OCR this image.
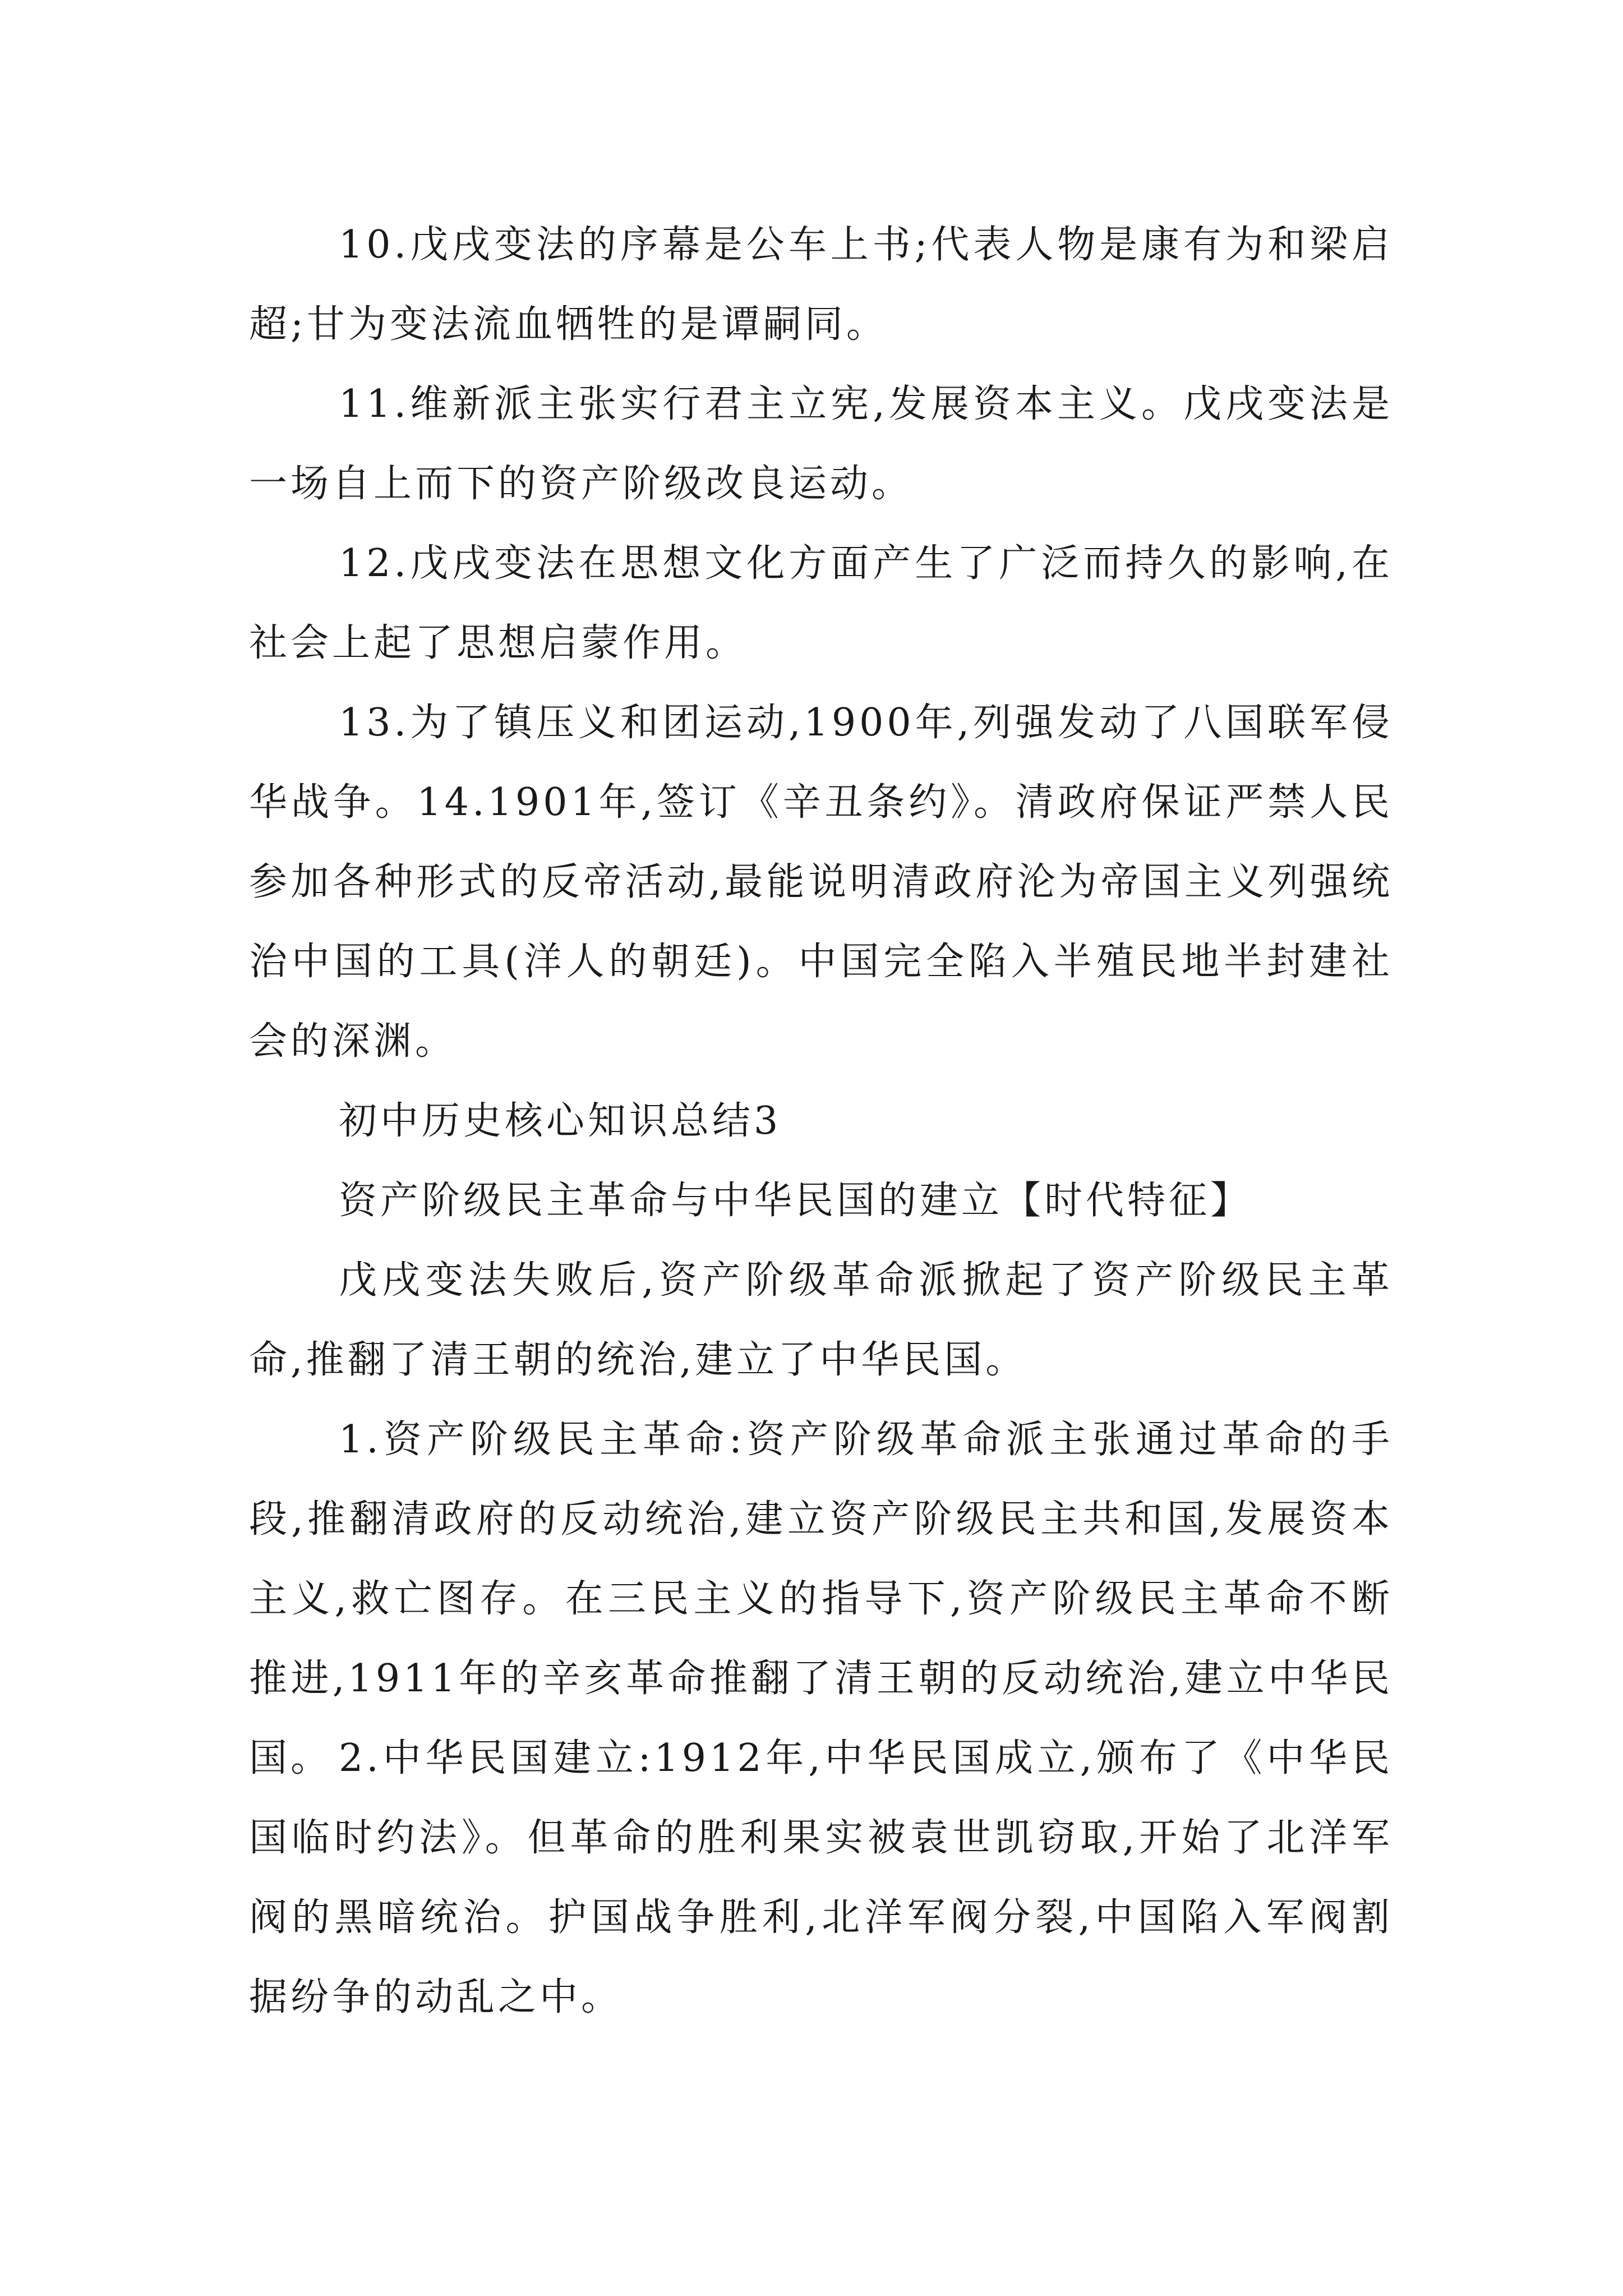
10.戊戌变法的序幕是公车上书;代表人物是康有为和梁启超;甘为变法流血牺牲的是谭嗣同。

11.维新派主张实行君主立宪,发展资本主义。戊戌变法是一场自上而下的资产阶级改良运动。

12.戊戌变法在思想文化方面产生了广泛而持久的影响,在社会上起了思想启蒙作用。

13.为了镇压义和团运动,1900年,列强发动了八国联军侵华战争。14.1901年,签订《辛丑条约》。清政府保证严禁人民参加各种形式的反帝活动,最能说明清政府沦为帝国主义列强统治中国的工具(洋人的朝廷)。中国完全陷入半殖民地半封建社会的深渊。

初中历史核心知识总结3

资产阶级民主革命与中华民国的建立【时代特征】

戊戌变法失败后,资产阶级革命派掀起了资产阶级民主革命,推翻了清王朝的统治,建立了中华民国。

1.资产阶级民主革命:资产阶级革命派主张通过革命的手段,推翻清政府的反动统治,建立资产阶级民主共和国,发展资本主义,救亡图存。在三民主义的指导下,资产阶级民主革命不断推进,1911年的辛亥革命推翻了清王朝的反动统治,建立中华民国。 2.中华民国建立:1912年,中华民国成立,颁布了《中华民国临时约法》。但革命的胜利果实被袁世凯窃取,开始了北洋军阀的黑暗统治。护国战争胜利,北洋军阀分裂,中国陷入军阀割据纷争的动乱之中。
